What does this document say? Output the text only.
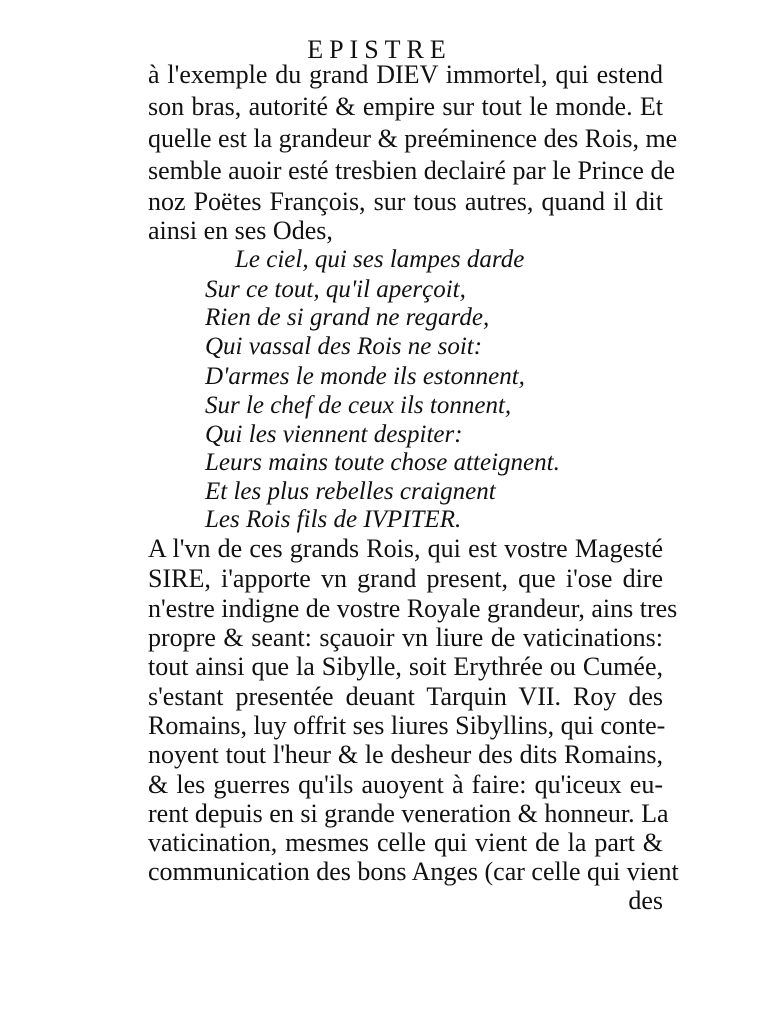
EPISTRE
à l'exemple du grand DIEV immortel, qui estend
son bras, autorité & empire sur tout le monde. Et
quelle est la grandeur & preéminence des Rois, me
semble auoir esté tresbien declairé par le Prince de
noz Poëtes François, sur tous autres, quand il dit
ainsi en ses Odes,
Le ciel, qui ses lampes darde
Sur ce tout, qu'il aperçoit,
Rien de si grand ne regarde,
Qui vassal des Rois ne soit:
D'armes le monde ils estonnent,
Sur le chef de ceux ils tonnent,
Qui les viennent despiter:
Leurs mains toute chose atteignent.
Et les plus rebelles craignent
Les Rois fils de IVPITER.
A l'vn de ces grands Rois, qui est vostre Magesté
SIRE, i'apporte vn grand present, que i'ose dire
n'estre indigne de vostre Royale grandeur, ains tres
propre & seant: sçauoir vn liure de vaticinations:
tout ainsi que la Sibylle, soit Erythrée ou Cumée,
s'estant presentée deuant Tarquin VII. Roy des
Romains, luy offrit ses liures Sibyllins, qui conte-
noyent tout l'heur & le desheur des dits Romains,
& les guerres qu'ils auoyent à faire: qu'iceux eu-
rent depuis en si grande veneration & honneur. La
vaticination, mesmes celle qui vient de la part &
communication des bons Anges (car celle qui vient
des
